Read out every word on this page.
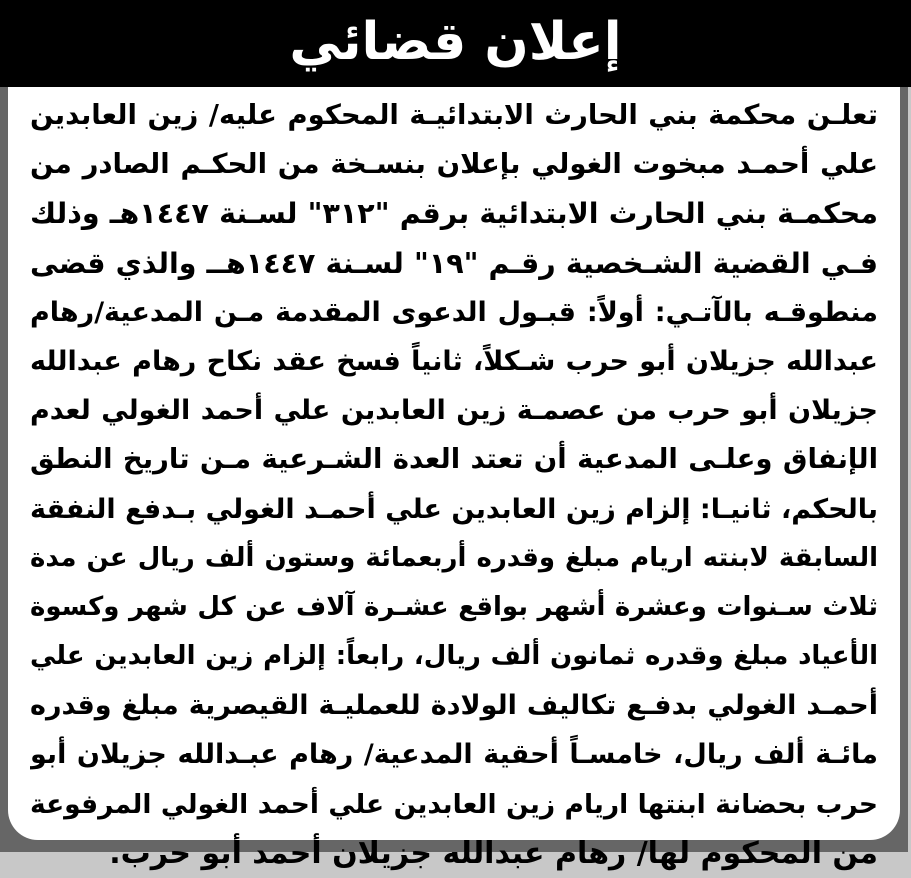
إعلان قضائي
تعلـن محكمة بني الحارث الابتدائيـة المحكوم عليه/ زين العابدين
علي أحمـد مبخوت الغولي بإعلان بنسـخة من الحكـم الصادر من
محكمـة بني الحارث الابتدائية برقم "٣١٢" لسـنة ١٤٤٧هـ وذلك
فـي القضية الشـخصية رقـم "١٩" لسـنة ١٤٤٧هــ والذي قضى
منطوقـه بالآتـي: أولاً: قبـول الدعوى المقدمة مـن المدعية/رهام
عبدالله جزيلان أبو حرب شـكلاً، ثانياً فسخ عقد نكاح رهام عبدالله
جزيلان أبو حرب من عصمـة زين العابدين علي أحمد الغولي لعدم
الإنفاق وعلـى المدعية أن تعتد العدة الشـرعية مـن تاريخ النطق
بالحكم، ثانيـا: إلزام زين العابدين علي أحمـد الغولي بـدفع النفقة
السابقة لابنته اريام مبلغ وقدره أربعمائة وستون ألف ريال عن مدة
ثلاث سـنوات وعشرة أشهر بواقع عشـرة آلاف عن كل شهر وكسوة
الأعياد مبلغ وقدره ثمانون ألف ريال، رابعاً: إلزام زين العابدين علي
أحمـد الغولي بدفـع تكاليف الولادة للعمليـة القيصرية مبلغ وقدره
مائـة ألف ريال، خامسـاً أحقية المدعية/ رهام عبـدالله جزيلان أبو
حرب بحضانة ابنتها اريام زين العابدين علي أحمد الغولي المرفوعة
من المحكوم لها/ رهام عبدالله جزيلان أحمد أبو حرب.
